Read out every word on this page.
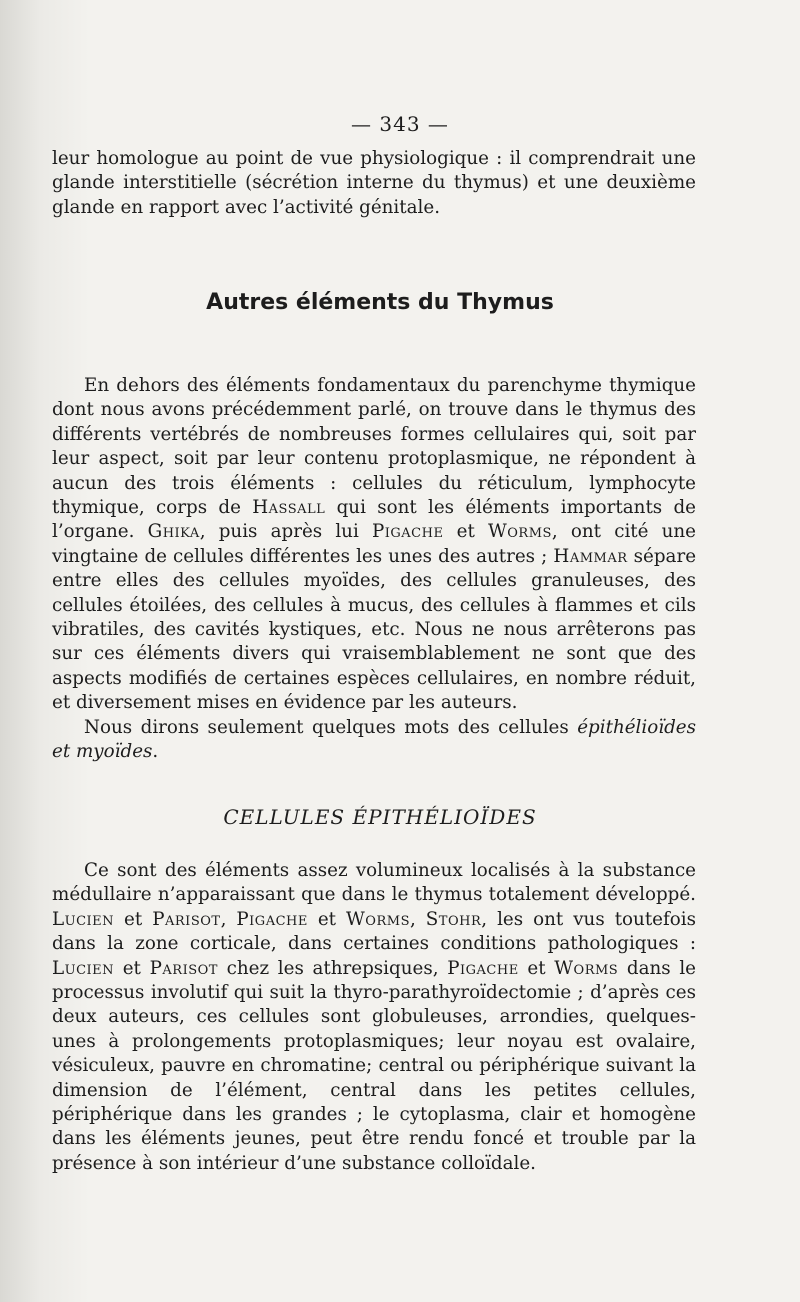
— 343 —

leur homologue au point de vue physiologique : il comprendrait une glande interstitielle (sécrétion interne du thymus) et une deuxième glande en rapport avec l’activité génitale.

Autres éléments du Thymus

En dehors des éléments fondamentaux du parenchyme thymique dont nous avons précédemment parlé, on trouve dans le thymus des différents vertébrés de nombreuses formes cellulaires qui, soit par leur aspect, soit par leur contenu protoplasmique, ne répondent à aucun des trois éléments : cellules du réticulum, lymphocyte thymique, corps de Hassall qui sont les éléments importants de l’organe. Ghika, puis après lui Pigache et Worms, ont cité une vingtaine de cellules différentes les unes des autres ; Hammar sépare entre elles des cellules myoïdes, des cellules granuleuses, des cellules étoilées, des cellules à mucus, des cellules à flammes et cils vibratiles, des cavités kystiques, etc. Nous ne nous arrêterons pas sur ces éléments divers qui vraisemblablement ne sont que des aspects modifiés de certaines espèces cellulaires, en nombre réduit, et diversement mises en évidence par les auteurs.

Nous dirons seulement quelques mots des cellules épithélioïdes et myoïdes.

CELLULES ÉPITHÉLIOÏDES

Ce sont des éléments assez volumineux localisés à la substance médullaire n’apparaissant que dans le thymus totalement développé. Lucien et Parisot, Pigache et Worms, Stohr, les ont vus toutefois dans la zone corticale, dans certaines conditions pathologiques : Lucien et Parisot chez les athrepsiques, Pigache et Worms dans le processus involutif qui suit la thyro-parathyroïdectomie ; d’après ces deux auteurs, ces cellules sont globuleuses, arrondies, quelques-unes à prolongements protoplasmiques; leur noyau est ovalaire, vésiculeux, pauvre en chromatine; central ou périphérique suivant la dimension de l’élément, central dans les petites cellules, périphérique dans les grandes ; le cytoplasma, clair et homogène dans les éléments jeunes, peut être rendu foncé et trouble par la présence à son intérieur d’une substance colloïdale.
